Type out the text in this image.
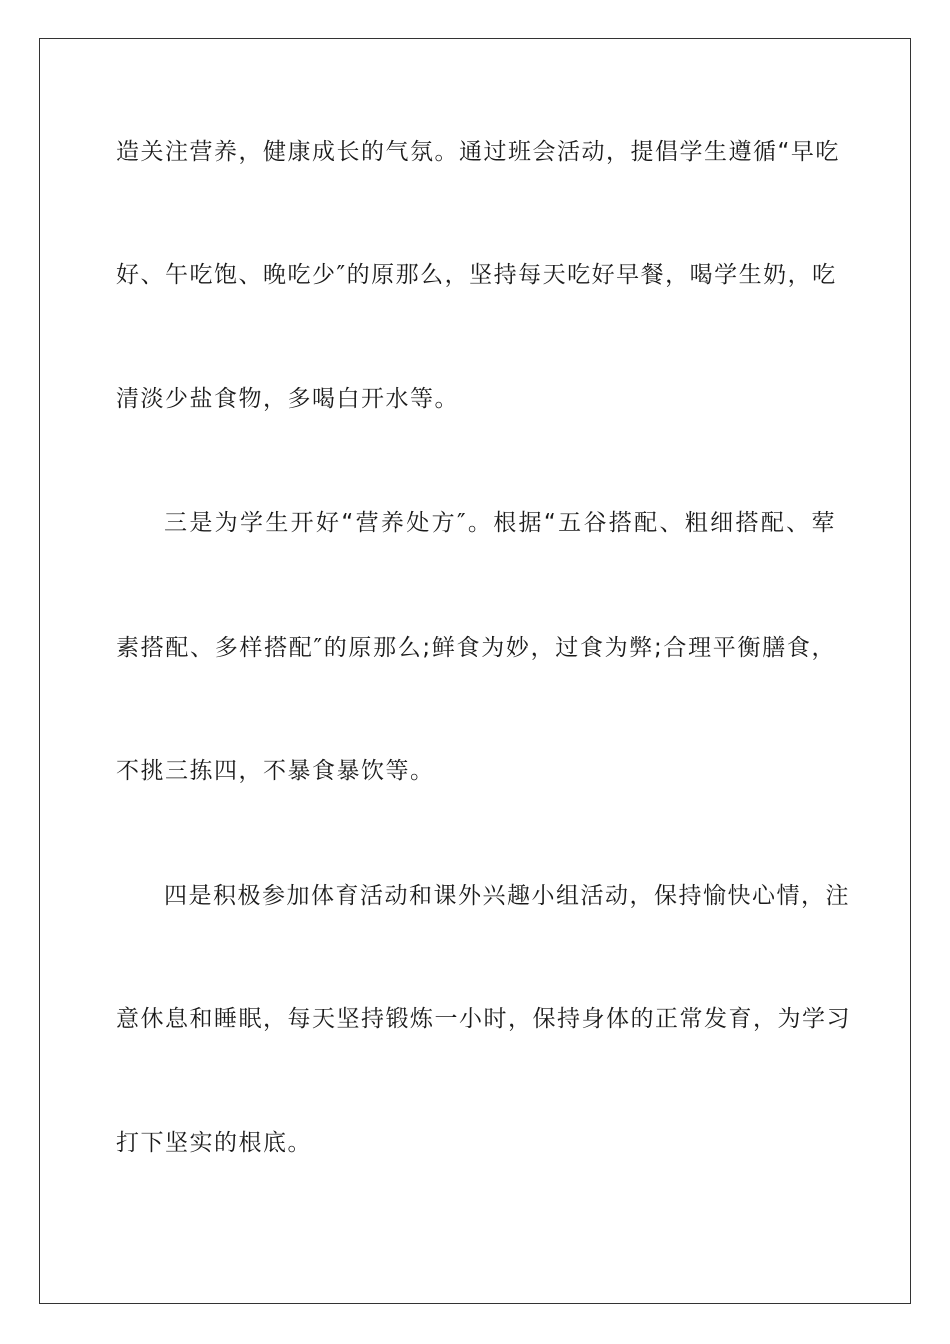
造关注营养，健康成长的气氛。通过班会活动，提倡学生遵循“早吃
好、午吃饱、晚吃少″的原那么，坚持每天吃好早餐，喝学生奶，吃
清淡少盐食物，多喝白开水等。
三是为学生开好“营养处方″。根据“五谷搭配、粗细搭配、荤
素搭配、多样搭配″的原那么;鲜食为妙，过食为弊;合理平衡膳食，
不挑三拣四，不暴食暴饮等。
四是积极参加体育活动和课外兴趣小组活动，保持愉快心情，注
意休息和睡眠，每天坚持锻炼一小时，保持身体的正常发育，为学习
打下坚实的根底。
